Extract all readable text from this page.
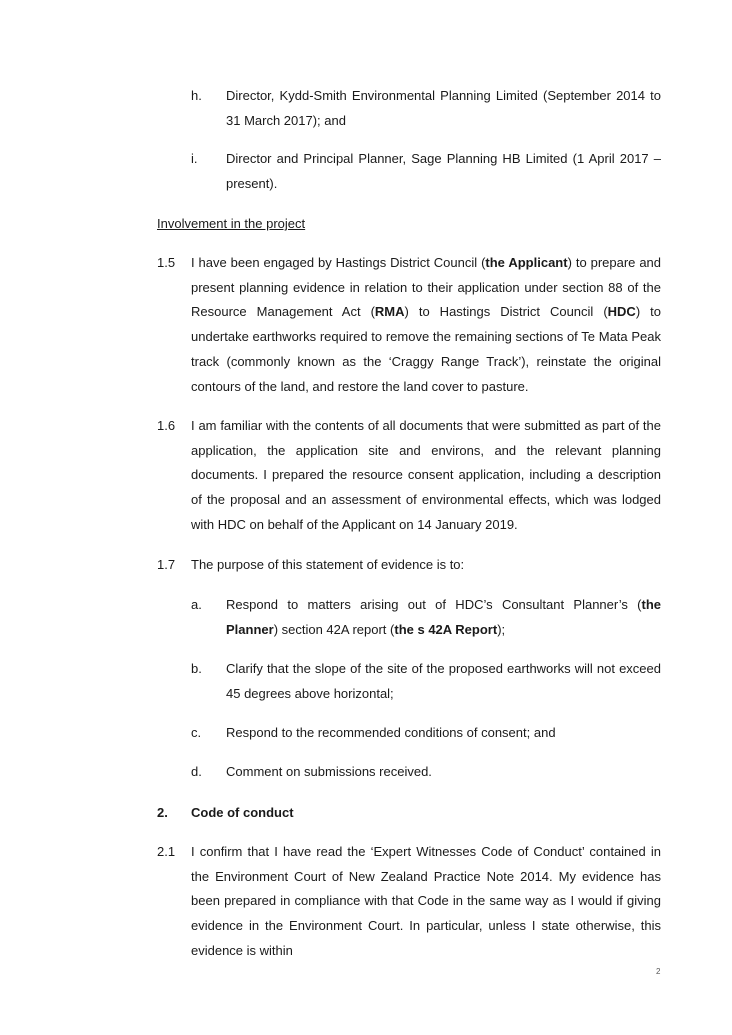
h. Director, Kydd-Smith Environmental Planning Limited (September 2014 to 31 March 2017); and
i. Director and Principal Planner, Sage Planning HB Limited (1 April 2017 – present).
Involvement in the project
1.5 I have been engaged by Hastings District Council (the Applicant) to prepare and present planning evidence in relation to their application under section 88 of the Resource Management Act (RMA) to Hastings District Council (HDC) to undertake earthworks required to remove the remaining sections of Te Mata Peak track (commonly known as the ‘Craggy Range Track’), reinstate the original contours of the land, and restore the land cover to pasture.
1.6 I am familiar with the contents of all documents that were submitted as part of the application, the application site and environs, and the relevant planning documents. I prepared the resource consent application, including a description of the proposal and an assessment of environmental effects, which was lodged with HDC on behalf of the Applicant on 14 January 2019.
1.7 The purpose of this statement of evidence is to:
a. Respond to matters arising out of HDC’s Consultant Planner’s (the Planner) section 42A report (the s 42A Report);
b. Clarify that the slope of the site of the proposed earthworks will not exceed 45 degrees above horizontal;
c. Respond to the recommended conditions of consent; and
d. Comment on submissions received.
2. Code of conduct
2.1 I confirm that I have read the ‘Expert Witnesses Code of Conduct’ contained in the Environment Court of New Zealand Practice Note 2014. My evidence has been prepared in compliance with that Code in the same way as I would if giving evidence in the Environment Court. In particular, unless I state otherwise, this evidence is within
2
